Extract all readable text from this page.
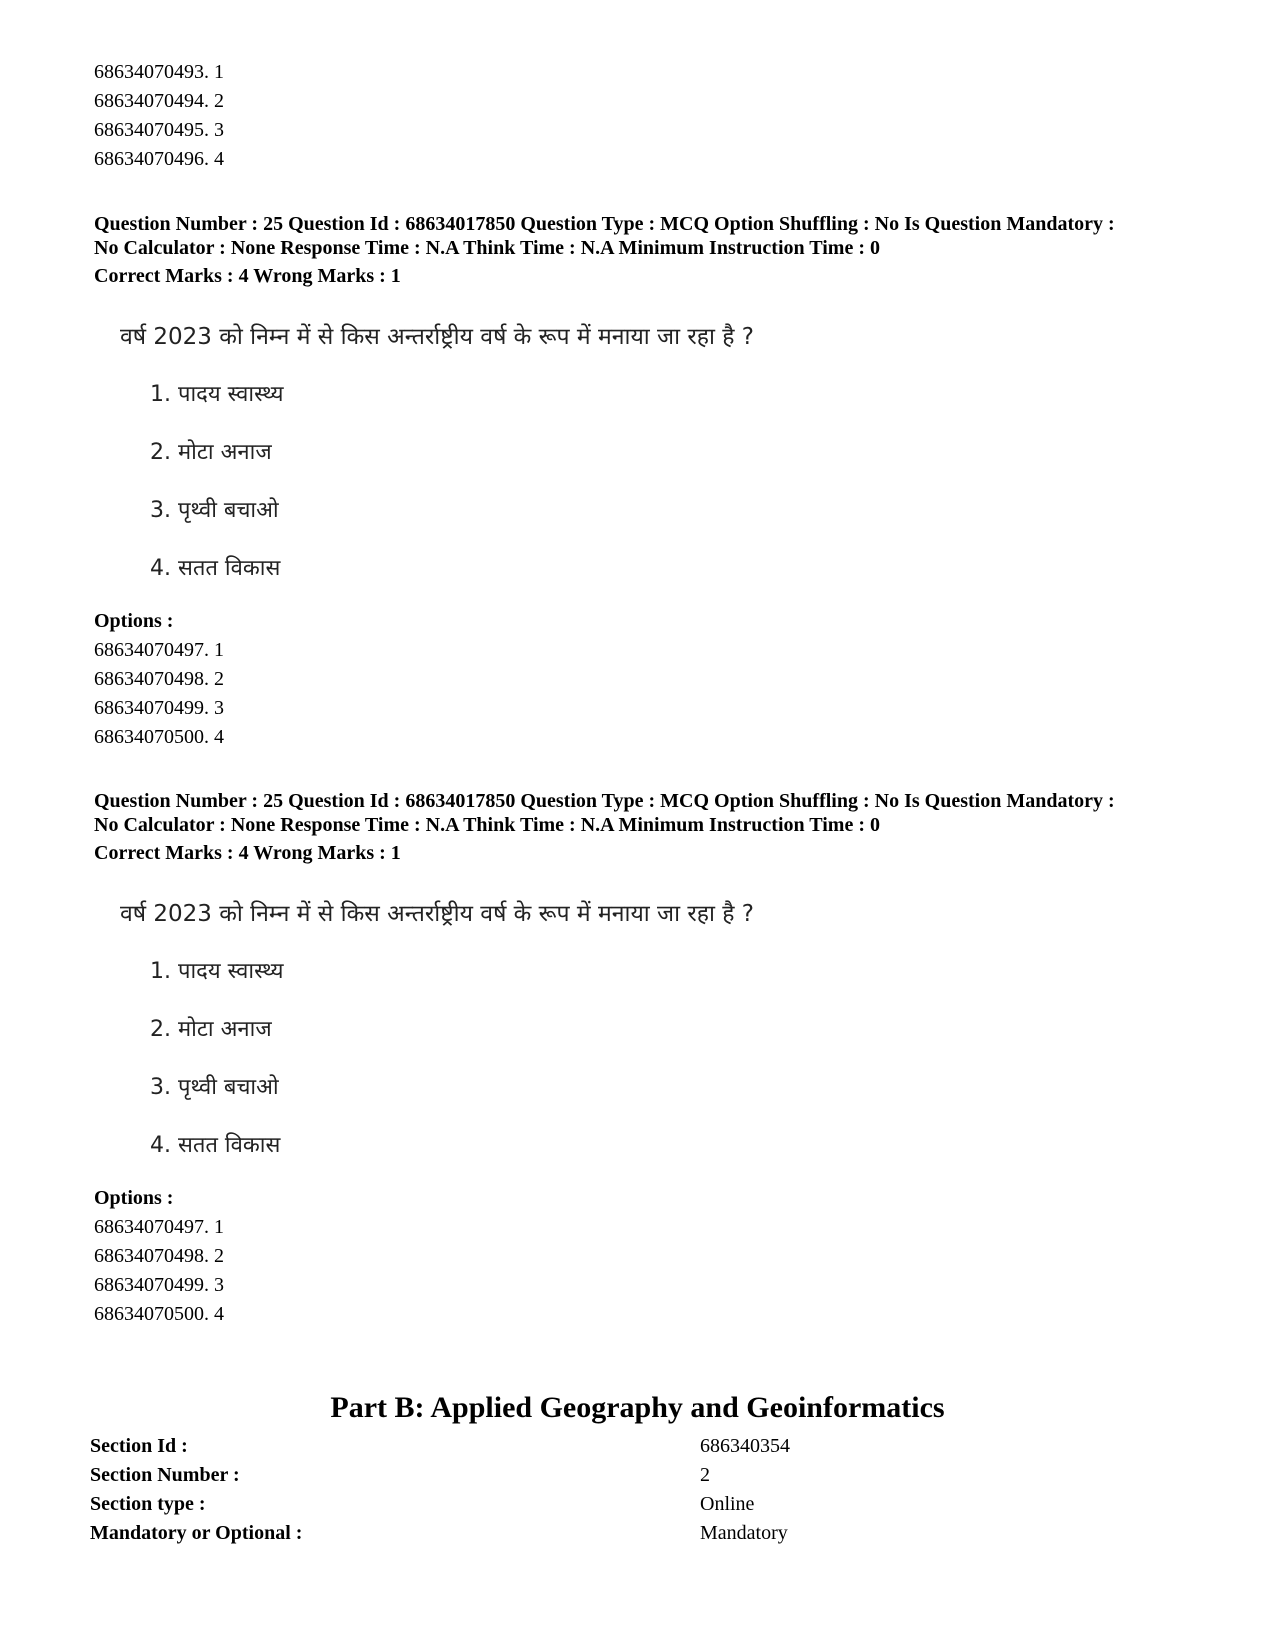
68634070493. 1
68634070494. 2
68634070495. 3
68634070496. 4
Question Number : 25 Question Id : 68634017850 Question Type : MCQ Option Shuffling : No Is Question Mandatory :
No Calculator : None Response Time : N.A Think Time : N.A Minimum Instruction Time : 0
Correct Marks : 4 Wrong Marks : 1
वर्ष 2023 को निम्न में से किस अन्तर्राष्ट्रीय वर्ष के रूप में मनाया जा रहा है ?
1. पादय स्वास्थ्य
2. मोटा अनाज
3. पृथ्वी बचाओ
4. सतत विकास
Options :
68634070497. 1
68634070498. 2
68634070499. 3
68634070500. 4
Question Number : 25 Question Id : 68634017850 Question Type : MCQ Option Shuffling : No Is Question Mandatory :
No Calculator : None Response Time : N.A Think Time : N.A Minimum Instruction Time : 0
Correct Marks : 4 Wrong Marks : 1
वर्ष 2023 को निम्न में से किस अन्तर्राष्ट्रीय वर्ष के रूप में मनाया जा रहा है ?
1. पादय स्वास्थ्य
2. मोटा अनाज
3. पृथ्वी बचाओ
4. सतत विकास
Options :
68634070497. 1
68634070498. 2
68634070499. 3
68634070500. 4
Part B: Applied Geography and Geoinformatics
Section Id :	686340354
Section Number :	2
Section type :	Online
Mandatory or Optional :	Mandatory
